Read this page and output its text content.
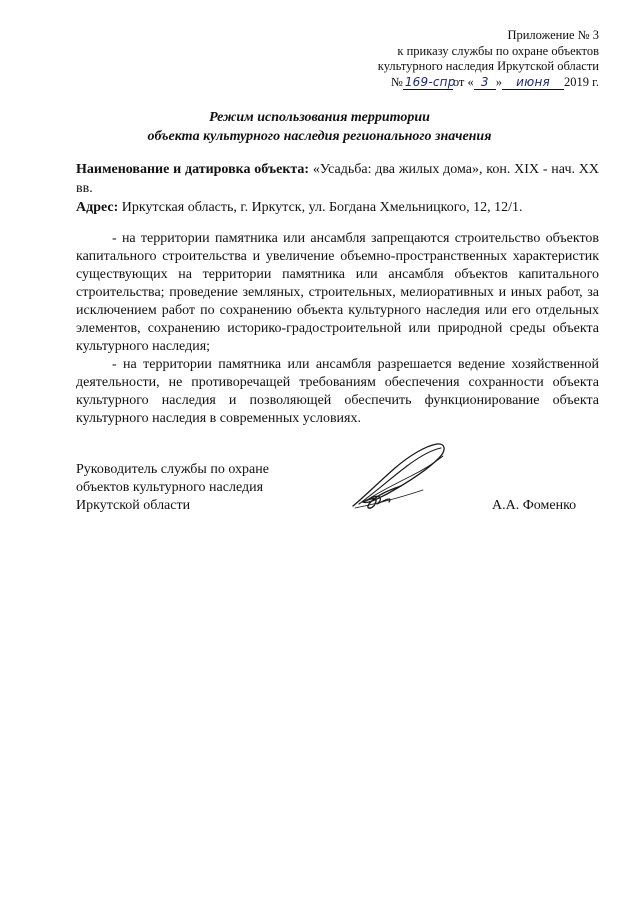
Приложение № 3
к приказу службы по охране объектов
культурного наследия Иркутской области
№ 169-спрот « 3 » июня 2019 г.
Режим использования территории
объекта культурного наследия регионального значения

Наименование и датировка объекта: «Усадьба: два жилых дома», кон. XIX - нач. XX вв.

Адрес: Иркутская область, г. Иркутск, ул. Богдана Хмельницкого, 12, 12/1.

- на территории памятника или ансамбля запрещаются строительство объектов капитального строительства и увеличение объемно-пространственных характеристик существующих на территории памятника или ансамбля объектов капитального строительства; проведение земляных, строительных, мелиоративных и иных работ, за исключением работ по сохранению объекта культурного наследия или его отдельных элементов, сохранению историко-градостроительной или природной среды объекта культурного наследия;

- на территории памятника или ансамбля разрешается ведение хозяйственной деятельности, не противоречащей требованиям обеспечения сохранности объекта культурного наследия и позволяющей обеспечить функционирование объекта культурного наследия в современных условиях.

Руководитель службы по охране
объектов культурного наследия
Иркутской области	А.А. Фоменко
